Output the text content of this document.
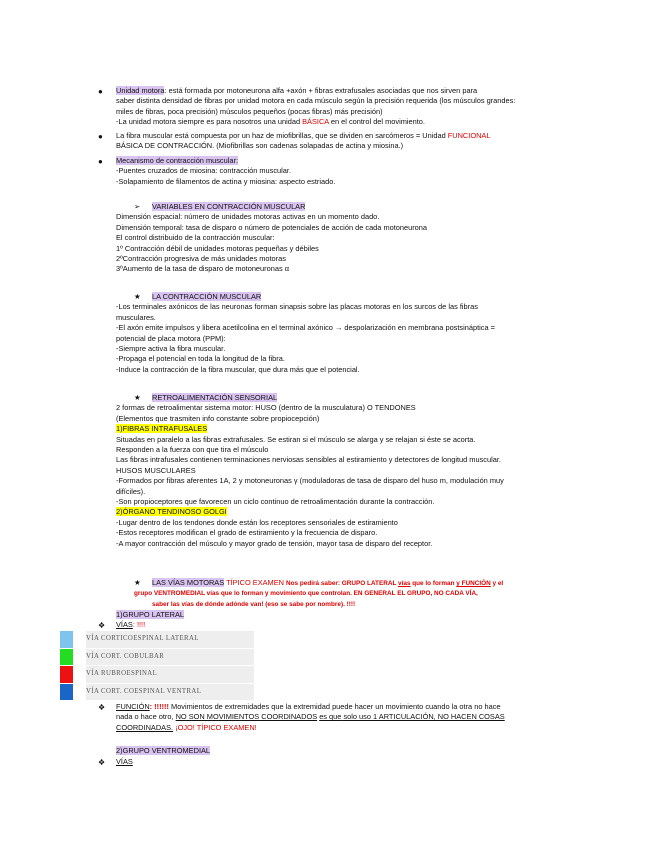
● Unidad motora: está formada por motoneurona alfa +axón + fibras extrafusales asociadas que nos sirven para
saber distinta densidad de fibras por unidad motora en cada músculo según la precisión requerida (los músculos grandes:
miles de fibras, poca precisión) músculos pequeños (pocas fibras) más precisión)
-La unidad motora siempre es para nosotros una unidad BÁSICA en el control del movimiento.
● La fibra muscular está compuesta por un haz de miofibrillas, que se dividen en sarcómeros = Unidad FUNCIONAL
BÁSICA DE CONTRACCIÓN. (Miofibrillas son cadenas solapadas de actina y miosina.)
● Mecanismo de contracción muscular:
-Puentes cruzados de miosina: contracción muscular.
-Solapamiento de filamentos de actina y miosina: aspecto estriado.
➢ VARIABLES EN CONTRACCIÓN MUSCULAR
Dimensión espacial: número de unidades motoras activas en un momento dado.
Dimensión temporal: tasa de disparo o número de potenciales de acción de cada motoneurona
El control distribuido de la contracción muscular:
1º Contracción débil de unidades motoras pequeñas y débiles
2ºContracción progresiva de más unidades motoras
3ºAumento de la tasa de disparo de motoneuronas α
★ LA CONTRACCIÓN MUSCULAR
-Los terminales axónicos de las neuronas forman sinapsis sobre las placas motoras en los surcos de las fibras
musculares.
-El axón emite impulsos y libera acetilcolina en el terminal axónico → despolarización en membrana postsináptica =
potencial de placa motora (PPM):
-Siempre activa la fibra muscular.
-Propaga el potencial en toda la longitud de la fibra.
-Induce la contracción de la fibra muscular, que dura más que el potencial.
★ RETROALIMENTACIÓN SENSORIAL
2 formas de retroalimentar sistema motor: HUSO (dentro de la musculatura) O TENDONES
(Elementos que trasmiten info constante sobre propiocepción)
1)FIBRAS INTRAFUSALES
Situadas en paralelo a las fibras extrafusales. Se estiran si el músculo se alarga y se relajan si éste se acorta.
Responden a la fuerza con que tira el músculo
Las fibras intrafusales contienen terminaciones nerviosas sensibles al estiramiento y detectores de longitud muscular.
HUSOS MUSCULARES
-Formados por fibras aferentes 1A, 2 y motoneuronas γ (moduladoras de tasa de disparo del huso m, modulación muy
difíciles).
-Son propioceptores que favorecen un ciclo continuo de retroalimentación durante la contracción.
2)ÓRGANO TENDINOSO GOLGI
-Lugar dentro de los tendones donde están los receptores sensoriales de estiramiento
-Estos receptores modifican el grado de estiramiento y la frecuencia de disparo.
-A mayor contracción del músculo y mayor grado de tensión, mayor tasa de disparo del receptor.
★ LAS VÍAS MOTORAS TÍPICO EXAMEN Nos pedirá saber: GRUPO LATERAL vías que lo forman y FUNCIÓN y el
grupo VENTROMEDIAL vías que lo forman y movimiento que controlan. EN GENERAL EL GRUPO, NO CADA VÍA,
saber las vías de dónde adónde van! (eso se sabe por nombre). !!!!
1)GRUPO LATERAL
❖ VÍAS: !!!!
VÍA CORTICOESPINAL LATERAL
VÍA CORT. COBULBAR
VÍA RUBROESPINAL
VÍA CORT. COESPINAL VENTRAL
❖ FUNCIÓN: !!!!!! Movimientos de extremidades que la extremidad puede hacer un movimiento cuando la otra no hace
nada o hace otro, NO SON MOVIMIENTOS COORDINADOS es que solo uso 1 ARTICULACIÓN, NO HACEN COSAS
COORDINADAS. ¡OJO! TÍPICO EXAMEN!
2)GRUPO VENTROMEDIAL
❖ VÍAS
